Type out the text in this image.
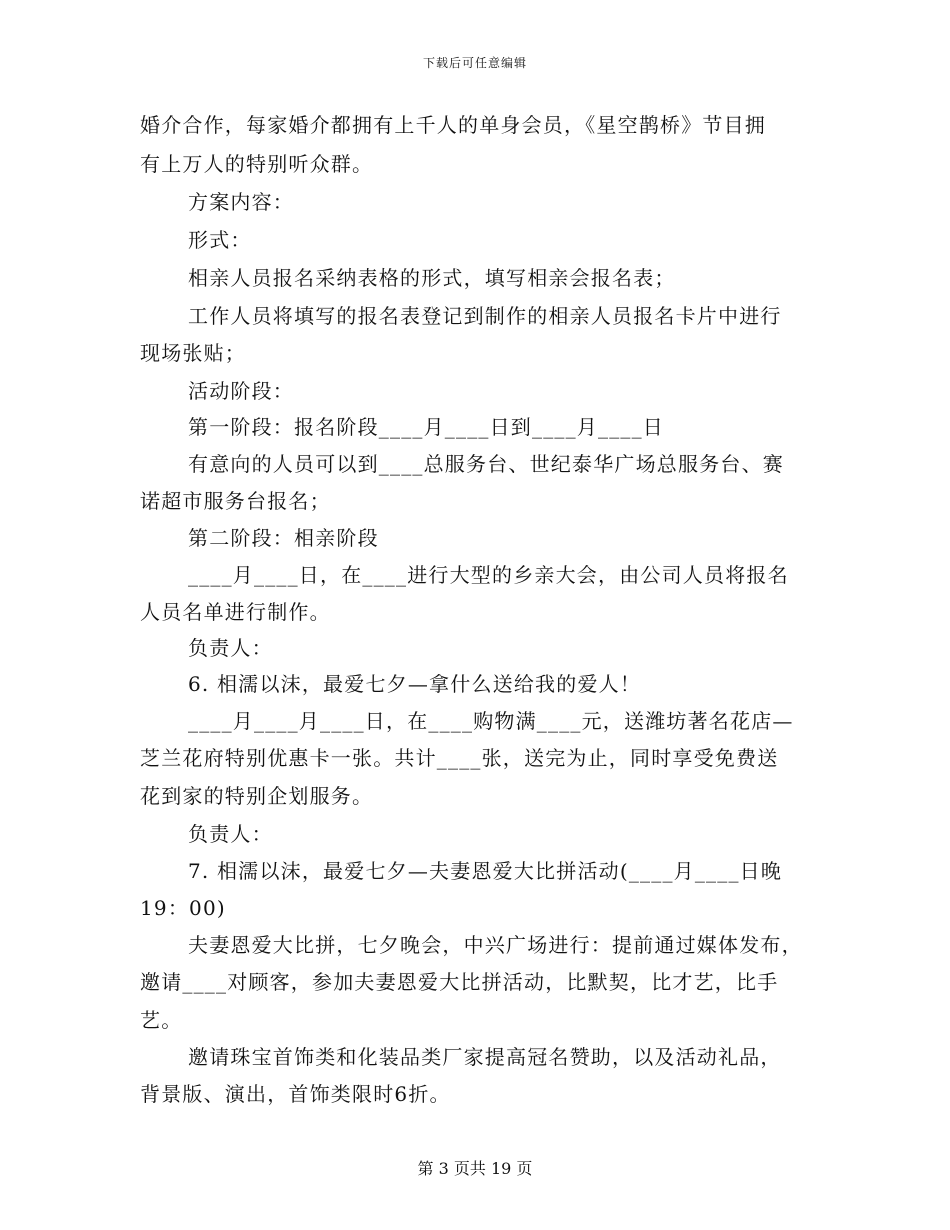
下载后可任意编辑
婚介合作，每家婚介都拥有上千人的单身会员，《星空鹊桥》节目拥
有上万人的特别听众群。
方案内容：
形式：
相亲人员报名采纳表格的形式，填写相亲会报名表；
工作人员将填写的报名表登记到制作的相亲人员报名卡片中进行
现场张贴；
活动阶段：
第一阶段：报名阶段____月____日到____月____日
有意向的人员可以到____总服务台、世纪泰华广场总服务台、赛
诺超市服务台报名；
第二阶段：相亲阶段
____月____日，在____进行大型的乡亲大会，由公司人员将报名
人员名单进行制作。
负责人：
6. 相濡以沫，最爱七夕—拿什么送给我的爱人！
____月____月____日，在____购物满____元，送潍坊著名花店—
芝兰花府特别优惠卡一张。共计____张，送完为止，同时享受免费送
花到家的特别企划服务。
负责人：
7. 相濡以沫，最爱七夕—夫妻恩爱大比拼活动(____月____日晚
19：00)
夫妻恩爱大比拼，七夕晚会，中兴广场进行：提前通过媒体发布，
邀请____对顾客，参加夫妻恩爱大比拼活动，比默契，比才艺，比手
艺。
邀请珠宝首饰类和化装品类厂家提高冠名赞助，以及活动礼品，
背景版、演出，首饰类限时6折。
第 3 页共 19 页
